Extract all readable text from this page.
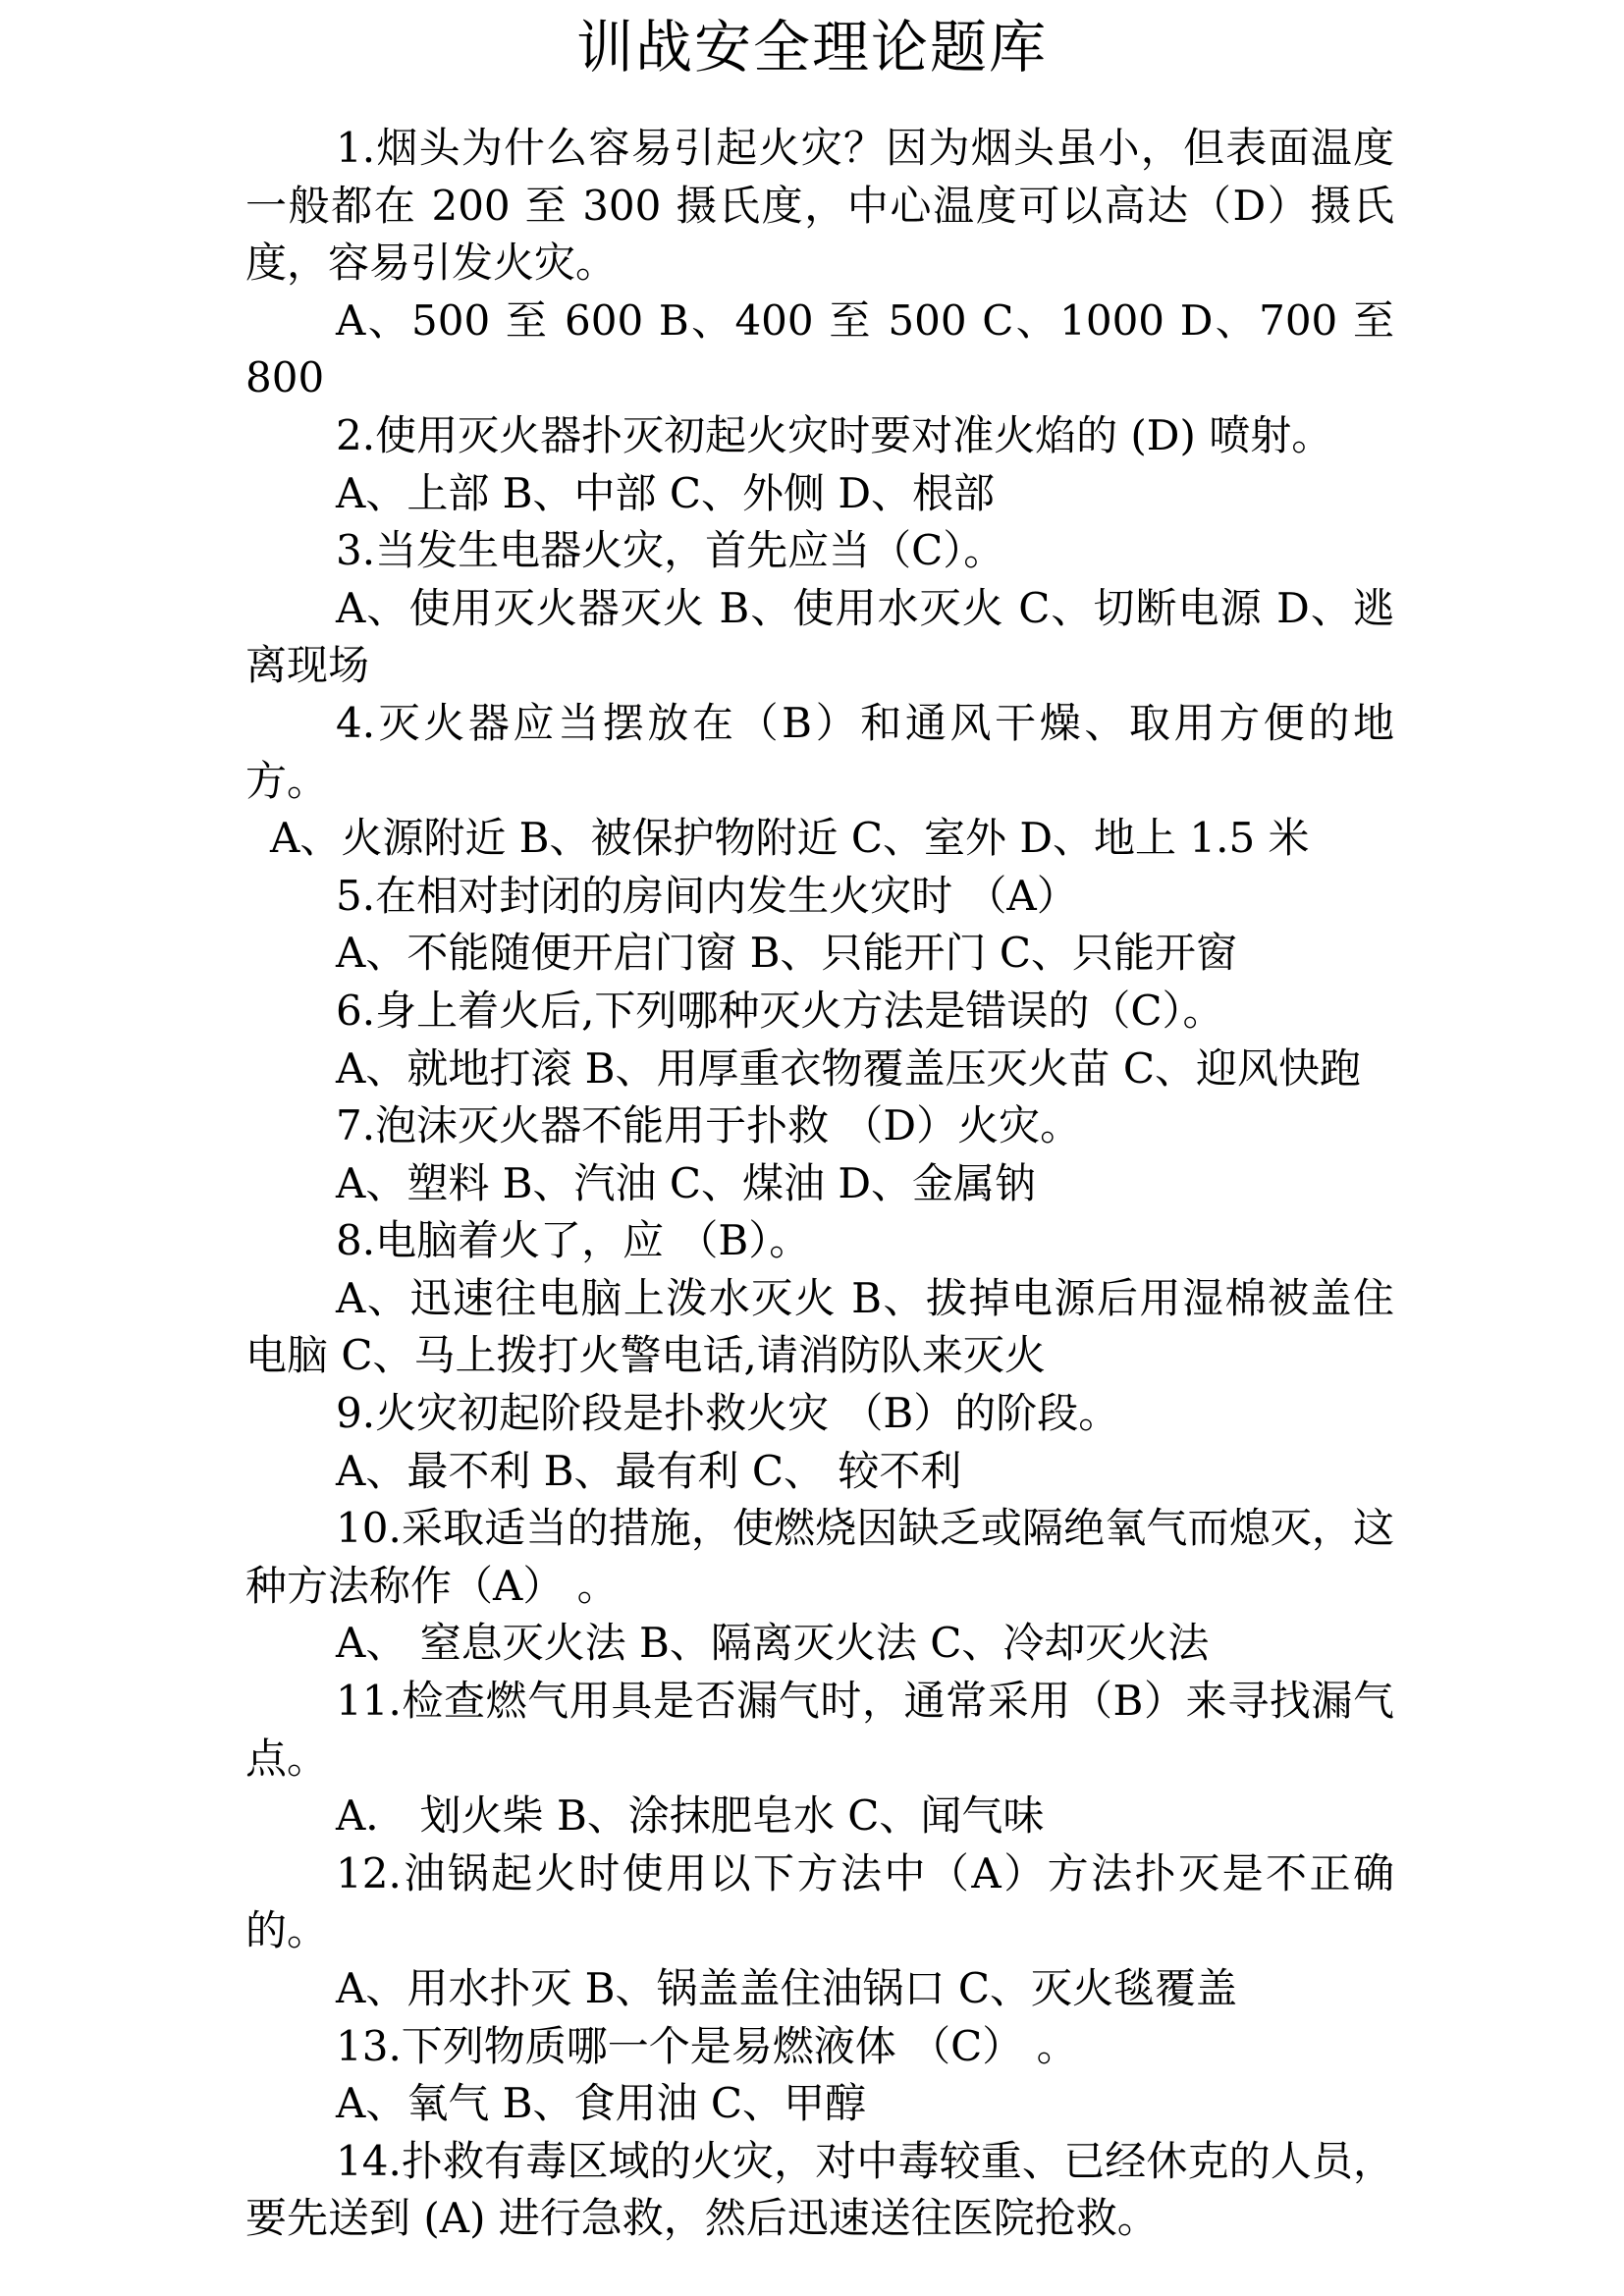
训战安全理论题库

1.烟头为什么容易引起火灾？因为烟头虽小，但表面温度一般都在 200 至 300 摄氏度，中心温度可以高达（D）摄氏度，容易引发火灾。

A、500 至 600 B、400 至 500 C、1000 D、700 至 800

2.使用灭火器扑灭初起火灾时要对准火焰的 (D) 喷射。

A、上部 B、中部 C、外侧 D、根部

3.当发生电器火灾，首先应当（C）。

A、使用灭火器灭火 B、使用水灭火 C、切断电源 D、逃离现场

4.灭火器应当摆放在（B）和通风干燥、取用方便的地方。

A、火源附近 B、被保护物附近 C、室外 D、地上 1.5 米

5.在相对封闭的房间内发生火灾时 （A）

A、不能随便开启门窗 B、只能开门 C、只能开窗

6.身上着火后,下列哪种灭火方法是错误的（C）。

A、就地打滚 B、用厚重衣物覆盖压灭火苗 C、迎风快跑

7.泡沫灭火器不能用于扑救 （D）火灾。

A、塑料 B、汽油 C、煤油 D、金属钠

8.电脑着火了，应 （B）。

A、迅速往电脑上泼水灭火 B、拔掉电源后用湿棉被盖住电脑 C、马上拨打火警电话,请消防队来灭火

9.火灾初起阶段是扑救火灾 （B）的阶段。

A、最不利 B、最有利 C、 较不利

10.采取适当的措施，使燃烧因缺乏或隔绝氧气而熄灭，这种方法称作（A） 。

A、 窒息灭火法 B、隔离灭火法 C、冷却灭火法

11.检查燃气用具是否漏气时，通常采用（B）来寻找漏气点。

A． 划火柴 B、涂抹肥皂水 C、闻气味

12.油锅起火时使用以下方法中（A）方法扑灭是不正确的。

A、用水扑灭 B、锅盖盖住油锅口 C、灭火毯覆盖

13.下列物质哪一个是易燃液体 （C） 。

A、氧气 B、食用油 C、甲醇

14.扑救有毒区域的火灾，对中毒较重、已经休克的人员，要先送到 (A) 进行急救，然后迅速送往医院抢救。
